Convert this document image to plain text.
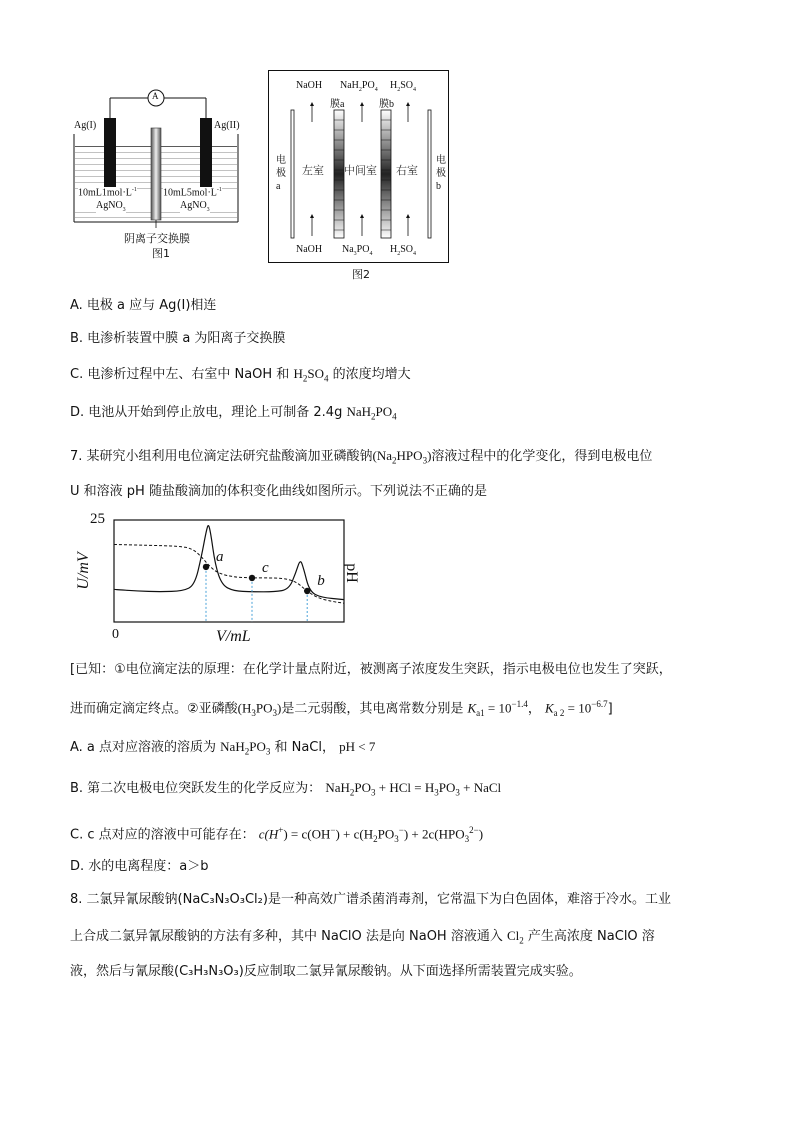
A
Ag(I)	Ag(II)
$10mL1mol\cdot L^{-1}$
AgNO$_3$
$10mL5mol\cdot L^{-1}$
AgNO$_3$
阴离子交换膜
图1
NaOH $NaH_2PO_4$ $H_2SO_4$
膜a	膜b
电
极
a
电
极
b
左室 中间室 右室
NaOH $Na_3PO_4$ $H_2SO_4$
图2
A. 电极 a 应与 Ag(I)相连
B. 电渗析装置中膜 a 为阳离子交换膜
C. 电渗析过程中左、右室中 NaOH 和 $H_2SO_4$ 的浓度均增大
D. 电池从开始到停止放电，理论上可制备 2.4g $NaH_2PO_4$
7. 某研究小组利用电位滴定法研究盐酸滴加亚磷酸钠$(Na_2HPO_3)$溶液过程中的化学变化，得到电极电位
U 和溶液 pH 随盐酸滴加的体积变化曲线如图所示。下列说法不正确的是
a
c
b
25
0
U/mV	pH
V/mL
[已知：①电位滴定法的原理：在化学计量点附近，被测离子浓度发生突跃，指示电极电位也发生了突跃，
进而确定滴定终点。②亚磷酸$(H_3PO_3)$是二元弱酸，其电离常数分别是 $K_{a1} = 10^{-1.4}$， $K_{a 2} = 10^{-6.7}$]
A. a 点对应溶液的溶质为 $NaH_2PO_3$ 和 NaCl， pH < 7
B. 第二次电极电位突跃发生的化学反应为： $NaH_2PO_3$ + HCl = $H_3PO_3$ + NaCl
C. c 点对应的溶液中可能存在： $c(H^+) = c(OH^-) + c(H_2PO_3^-) + 2c(HPO_3^{2-})$
D. 水的电离程度：a＞b
8. 二氯异氰尿酸钠(NaC₃N₃O₃Cl₂)是一种高效广谱杀菌消毒剂，它常温下为白色固体，难溶于冷水。工业
上合成二氯异氰尿酸钠的方法有多种，其中 NaClO 法是向 NaOH 溶液通入 $Cl_2$ 产生高浓度 NaClO 溶
液，然后与氰尿酸(C₃H₃N₃O₃)反应制取二氯异氰尿酸钠。从下面选择所需装置完成实验。
